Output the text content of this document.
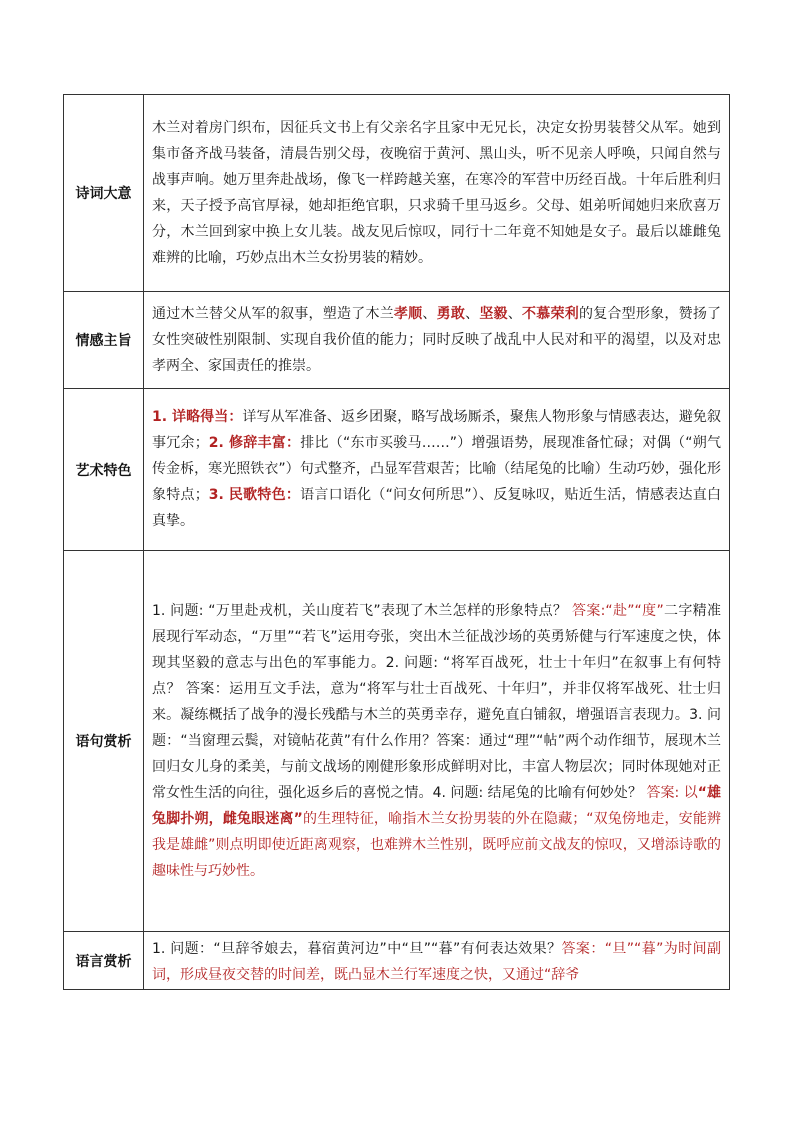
诗词大意	木兰对着房门织布，因征兵文书上有父亲名字且家中无兄长，决定女扮男装替父从军。她到集市备齐战马装备，清晨告别父母，夜晚宿于黄河、黑山头，听不见亲人呼唤，只闻自然与战事声响。她万里奔赴战场，像飞一样跨越关塞，在寒冷的军营中历经百战。十年后胜利归来，天子授予高官厚禄，她却拒绝官职，只求骑千里马返乡。父母、姐弟听闻她归来欣喜万分，木兰回到家中换上女儿装。战友见后惊叹，同行十二年竟不知她是女子。最后以雄雌兔难辨的比喻，巧妙点出木兰女扮男装的精妙。
情感主旨	通过木兰替父从军的叙事，塑造了木兰孝顺、勇敢、坚毅、不慕荣利的复合型形象，赞扬了女性突破性别限制、实现自我价值的能力；同时反映了战乱中人民对和平的渴望，以及对忠孝两全、家国责任的推崇。
艺术特色	1. 详略得当：详写从军准备、返乡团聚，略写战场厮杀，聚焦人物形象与情感表达，避免叙事冗余；2. 修辞丰富：排比（“东市买骏马……”）增强语势，展现准备忙碌；对偶（“朔气传金柝，寒光照铁衣”）句式整齐，凸显军营艰苦；比喻（结尾兔的比喻）生动巧妙，强化形象特点；3. 民歌特色：语言口语化（“问女何所思”）、反复咏叹，贴近生活，情感表达直白真挚。
语句赏析	1. 问题: “万里赴戎机，关山度若飞”表现了木兰怎样的形象特点？ 答案:“赴”“度”二字精准展现行军动态，“万里”“若飞”运用夸张，突出木兰征战沙场的英勇矫健与行军速度之快，体现其坚毅的意志与出色的军事能力。2. 问题: “将军百战死，壮士十年归”在叙事上有何特点？ 答案：运用互文手法，意为“将军与壮士百战死、十年归”，并非仅将军战死、壮士归来。凝练概括了战争的漫长残酷与木兰的英勇幸存，避免直白铺叙，增强语言表现力。3. 问题：“当窗理云鬓，对镜帖花黄”有什么作用？答案：通过“理”“帖”两个动作细节，展现木兰回归女儿身的柔美，与前文战场的刚健形象形成鲜明对比，丰富人物层次；同时体现她对正常女性生活的向往，强化返乡后的喜悦之情。4. 问题: 结尾兔的比喻有何妙处？ 答案: 以“雄兔脚扑朔，雌兔眼迷离”的生理特征，喻指木兰女扮男装的外在隐藏；“双兔傍地走，安能辨我是雄雌”则点明即使近距离观察，也难辨木兰性别，既呼应前文战友的惊叹，又增添诗歌的趣味性与巧妙性。
语言赏析	1. 问题：“旦辞爷娘去，暮宿黄河边”中“旦”“暮”有何表达效果？答案：“旦”“暮”为时间副词，形成昼夜交替的时间差，既凸显木兰行军速度之快，又通过“辞爷
